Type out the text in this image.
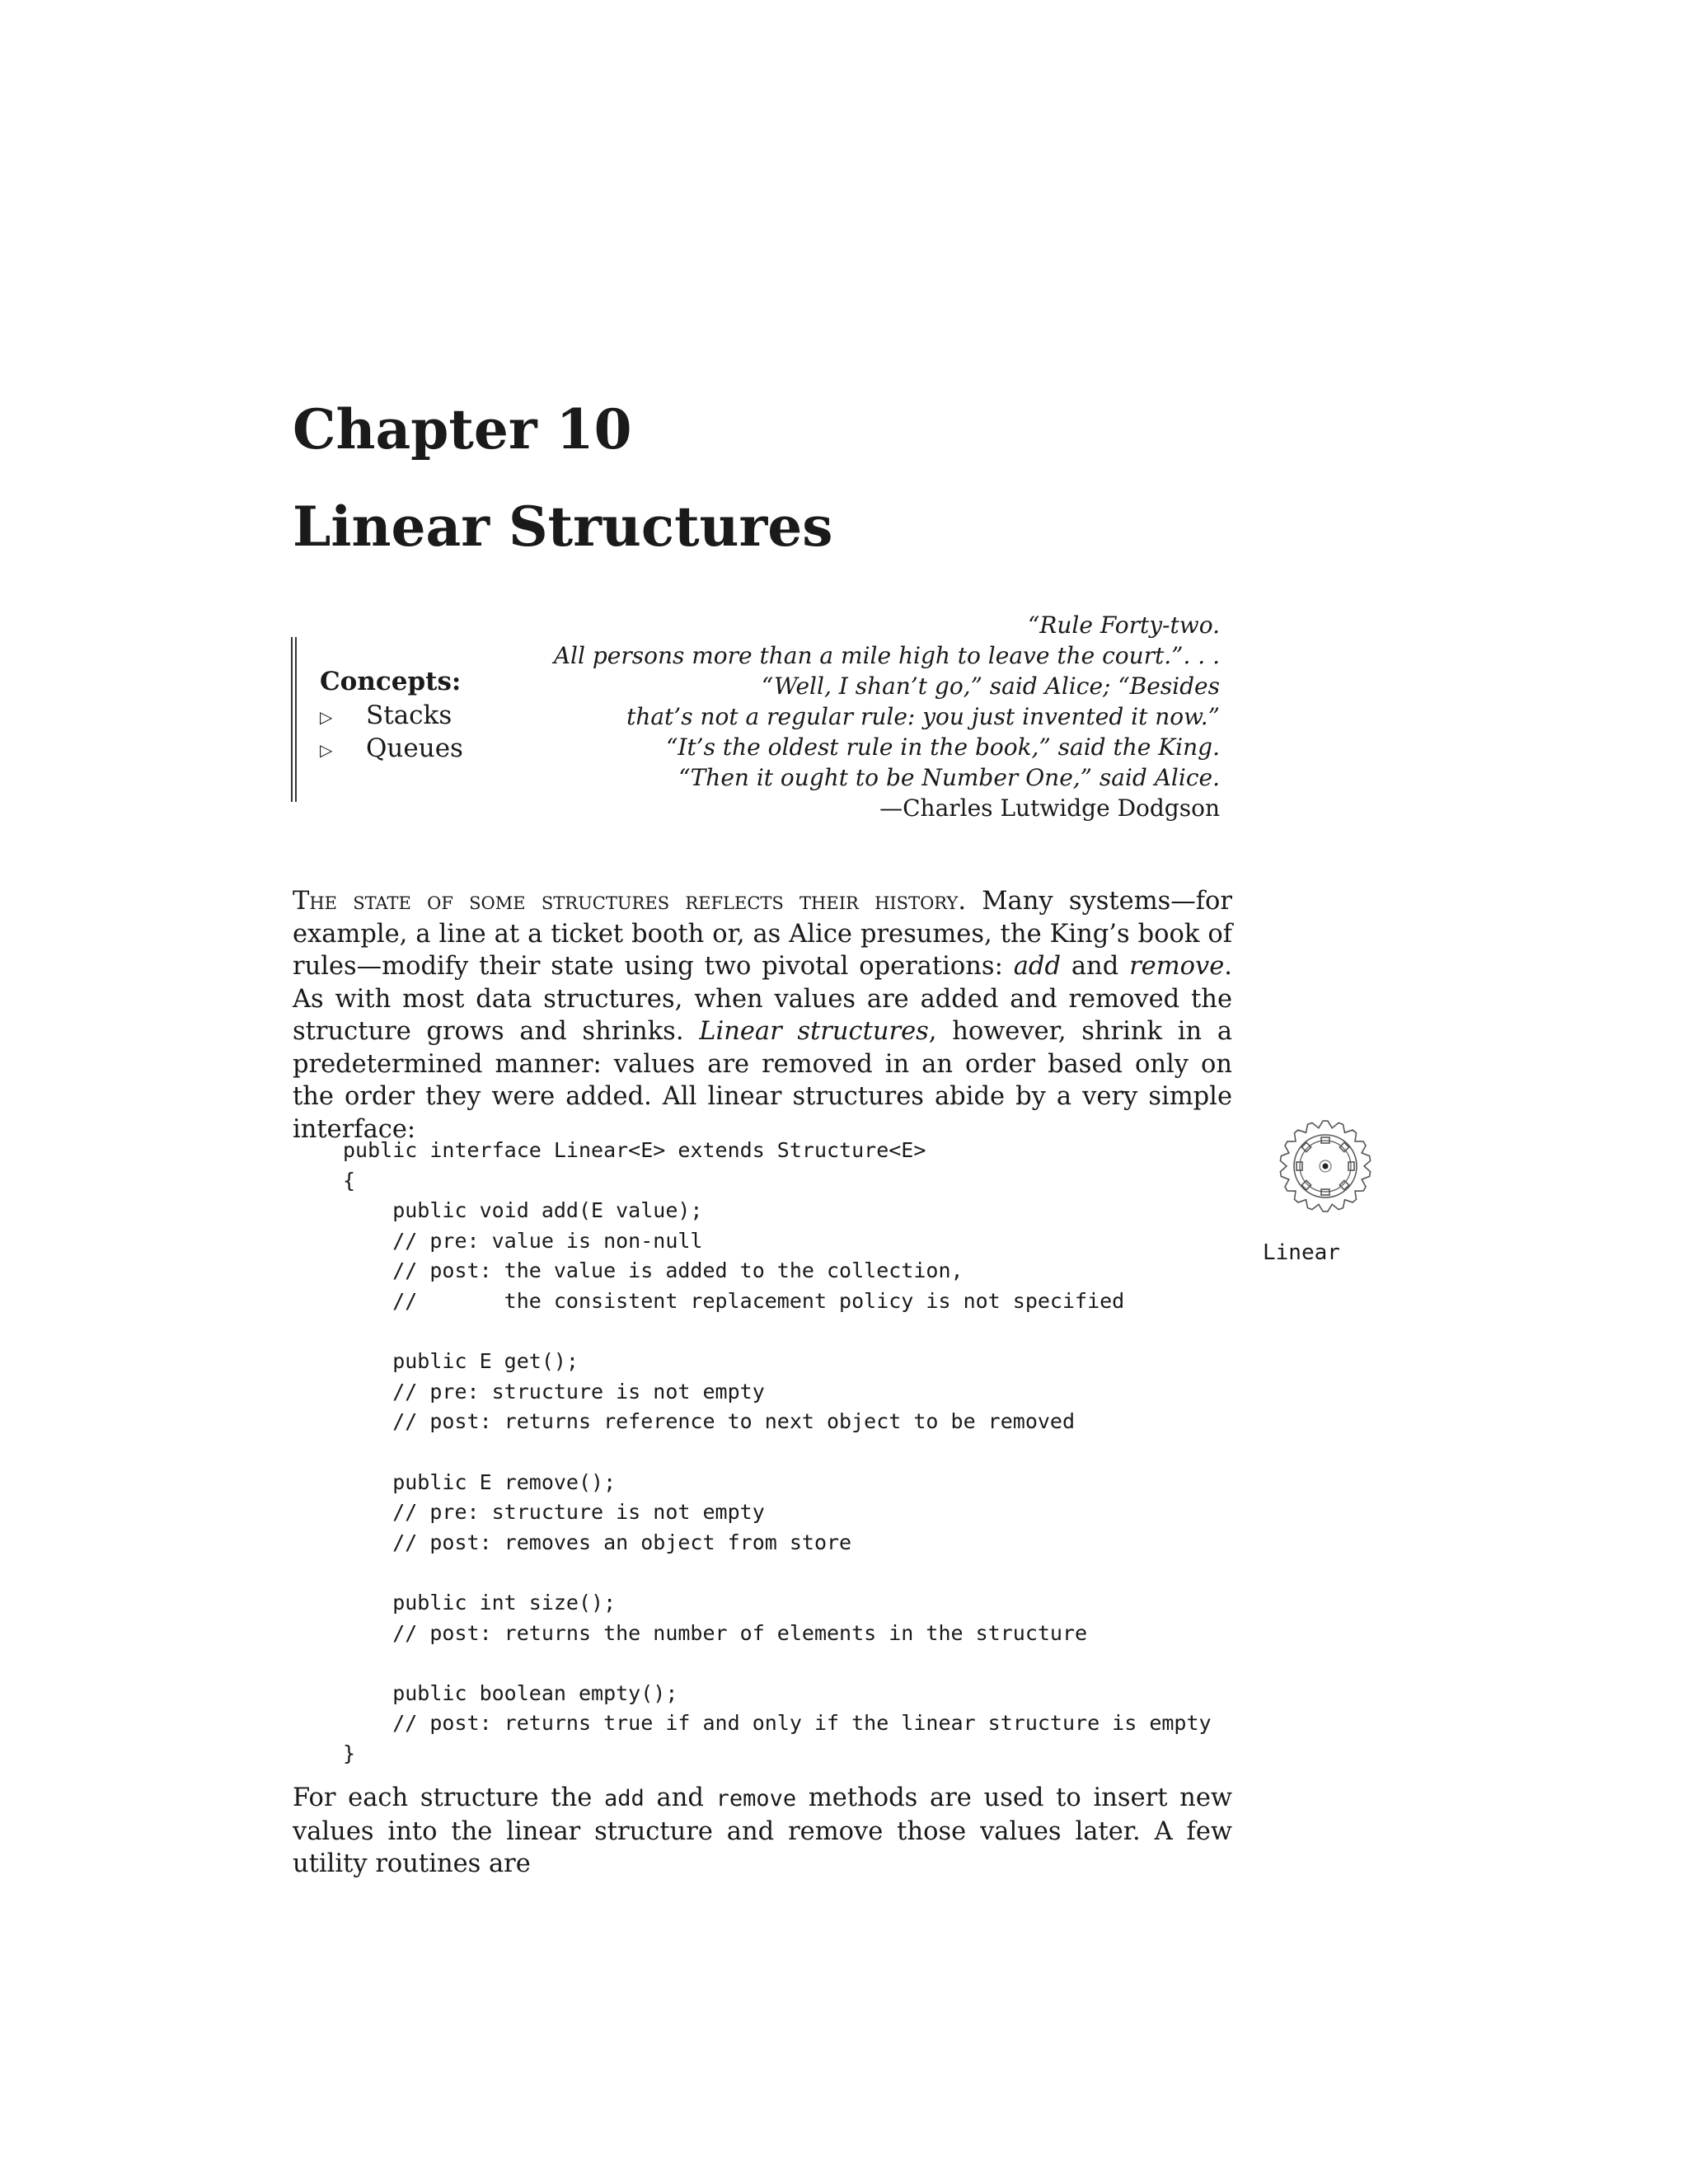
Chapter 10
Linear Structures
Concepts:
▷ Stacks
▷ Queues
“Rule Forty-two.
All persons more than a mile high to leave the court.”. . .
“Well, I shan’t go,” said Alice; “Besides
that’s not a regular rule: you just invented it now.”
“It’s the oldest rule in the book,” said the King.
“Then it ought to be Number One,” said Alice.
—Charles Lutwidge Dodgson

The state of some structures reflects their history. Many systems—for example, a line at a ticket booth or, as Alice presumes, the King’s book of rules—modify their state using two pivotal operations: add and remove. As with most data structures, when values are added and removed the structure grows and shrinks. Linear structures, however, shrink in a predetermined manner: values are removed in an order based only on the order they were added. All linear structures abide by a very simple interface:

public interface Linear<E> extends Structure<E>
{
public void add(E value);
// pre: value is non-null
// post: the value is added to the collection,
//       the consistent replacement policy is not specified

public E get();
// pre: structure is not empty
// post: returns reference to next object to be removed

public E remove();
// pre: structure is not empty
// post: removes an object from store

public int size();
// post: returns the number of elements in the structure

public boolean empty();
// post: returns true if and only if the linear structure is empty
}
Linear

For each structure the add and remove methods are used to insert new values into the linear structure and remove those values later. A few utility routines are
